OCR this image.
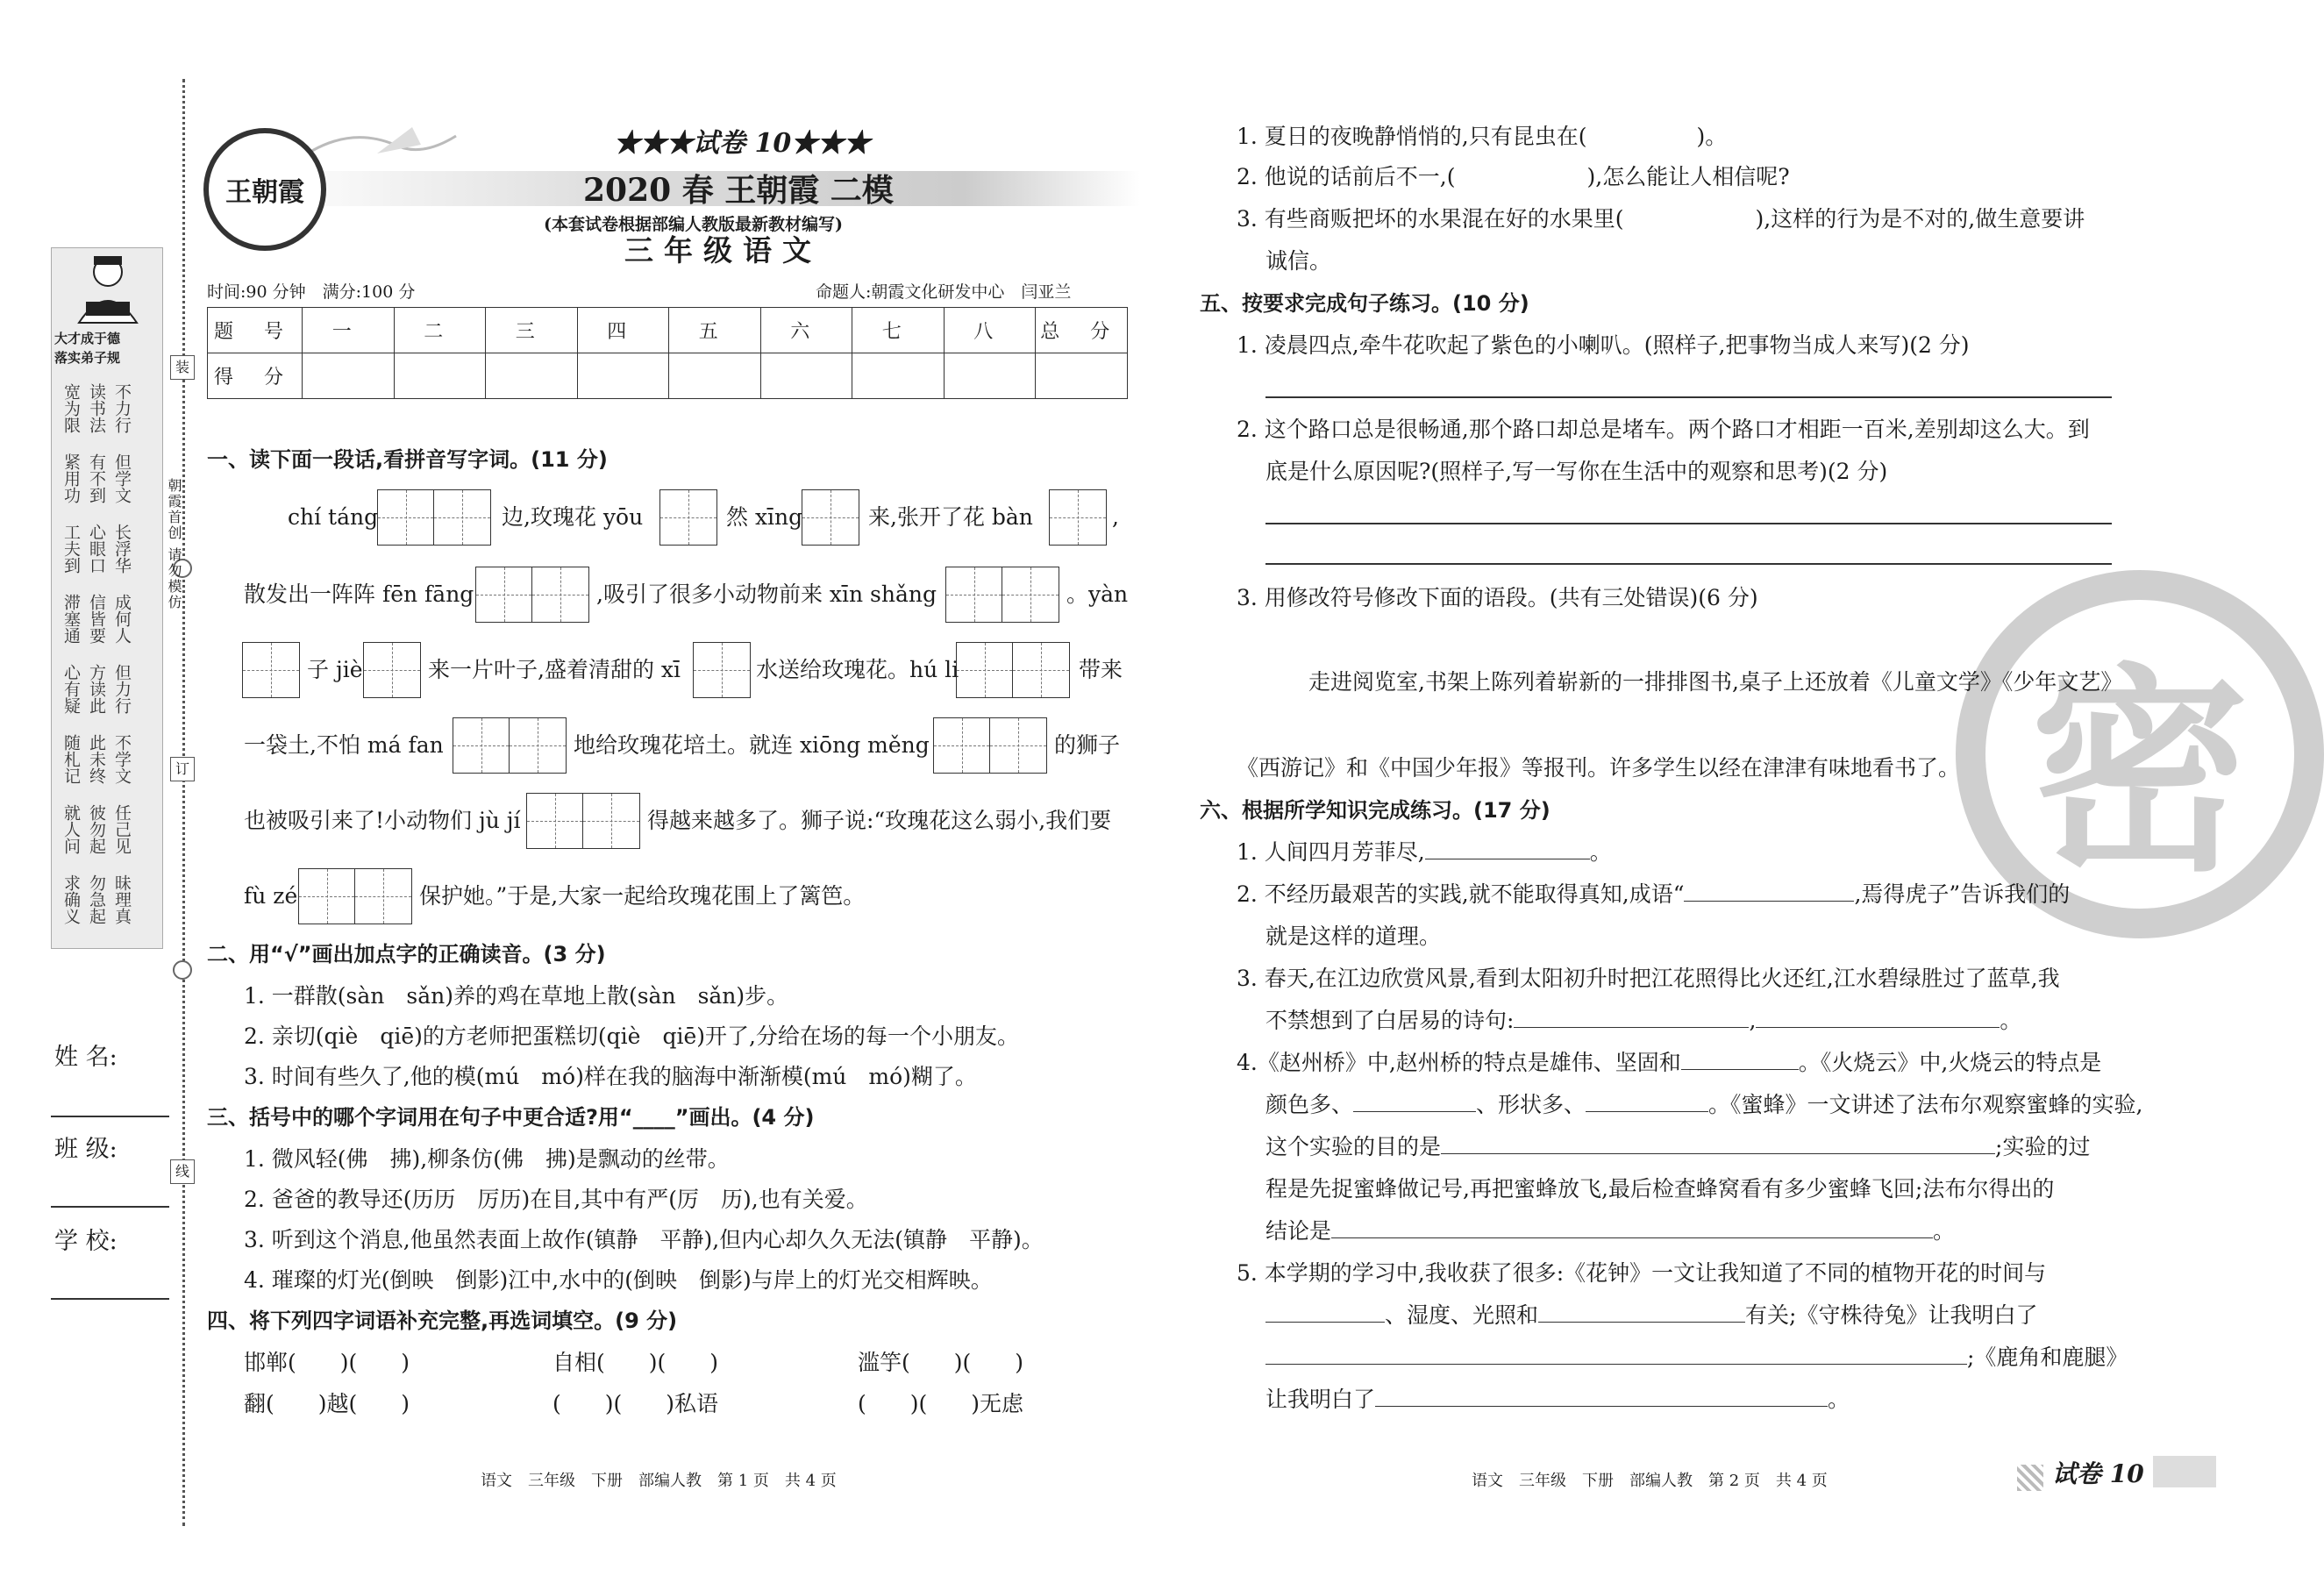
装
订
线
朝霞首创 请勿模仿
大才成于德
落实弟子规
宽为限 读书法 不力行
紧用功 有不到 但学文
工夫到 心眼口 长浮华
滞塞通 信皆要 成何人
心有疑 方读此 但力行
随札记 此未终 不学文
就人问 彼勿起 任己见
求确义 勿急起 昧理真
姓 名:
班 级:
学 校:
王朝霞
★★★试卷 10★★★
2020 春 王朝霞 二模
(本套试卷根据部编人教版最新教材编写)
三年级语文
时间:90 分钟　满分:100 分	命题人:朝霞文化研发中心　闫亚兰
题 号	一	二	三	四	五	六	七	八	总 分
得 分									
一、读下面一段话,看拼音写字词。(11 分)
chí táng	边,玫瑰花 yōu	然 xīng	来,张开了花 bàn	,
散发出一阵阵 fēn fāng	,吸引了很多小动物前来 xīn shǎng	。yàn
子 jiè	来一片叶子,盛着清甜的 xī	水送给玫瑰花。hú li	带来
一袋土,不怕 má fan	地给玫瑰花培土。就连 xiōng měng	的狮子
也被吸引来了!小动物们 jù jí	得越来越多了。狮子说:“玫瑰花这么弱小,我们要
fù zé	保护她。”于是,大家一起给玫瑰花围上了篱笆。
二、用“√”画出加点字的正确读音。(3 分)
1. 一群散(sàn　sǎn)养的鸡在草地上散(sàn　sǎn)步。
2. 亲切(qiè　qiē)的方老师把蛋糕切(qiè　qiē)开了,分给在场的每一个小朋友。
3. 时间有些久了,他的模(mú　mó)样在我的脑海中渐渐模(mú　mó)糊了。
三、括号中的哪个字词用在句子中更合适?用“____”画出。(4 分)
1. 微风轻(佛　拂),柳条仿(佛　拂)是飘动的丝带。
2. 爸爸的教导还(历历　厉历)在目,其中有严(厉　历),也有关爱。
3. 听到这个消息,他虽然表面上故作(镇静　平静),但内心却久久无法(镇静　平静)。
4. 璀璨的灯光(倒映　倒影)江中,水中的(倒映　倒影)与岸上的灯光交相辉映。
四、将下列四字词语补充完整,再选词填空。(9 分)
邯郸(　　)(　　)	自相(　　)(　　)	滥竽(　　)(　　)
翻(　　)越(　　)	(　　)(　　)私语	(　　)(　　)无虑
语文　三年级　下册　部编人教　第 1 页　共 4 页
1. 夏日的夜晚静悄悄的,只有昆虫在(　　　　　)。
2. 他说的话前后不一,(　　　　　　),怎么能让人相信呢?
3. 有些商贩把坏的水果混在好的水果里(　　　　　　),这样的行为是不对的,做生意要讲
诚信。
五、按要求完成句子练习。(10 分)
1. 凌晨四点,牵牛花吹起了紫色的小喇叭。(照样子,把事物当成人来写)(2 分)
2. 这个路口总是很畅通,那个路口却总是堵车。两个路口才相距一百米,差别却这么大。到
底是什么原因呢?(照样子,写一写你在生活中的观察和思考)(2 分)
3. 用修改符号修改下面的语段。(共有三处错误)(6 分)
密
走进阅览室,书架上陈列着崭新的一排排图书,桌子上还放着《儿童文学》《少年文艺》
《西游记》和《中国少年报》等报刊。许多学生以经在津津有味地看书了。
六、根据所学知识完成练习。(17 分)
1. 人间四月芳菲尽,	。
2. 不经历最艰苦的实践,就不能取得真知,成语“	,焉得虎子”告诉我们的
就是这样的道理。
3. 春天,在江边欣赏风景,看到太阳初升时把江花照得比火还红,江水碧绿胜过了蓝草,我
不禁想到了白居易的诗句:	,	。
4.《赵州桥》中,赵州桥的特点是雄伟、坚固和	。《火烧云》中,火烧云的特点是
颜色多、	、形状多、	。《蜜蜂》一文讲述了法布尔观察蜜蜂的实验,
这个实验的目的是	;实验的过
程是先捉蜜蜂做记号,再把蜜蜂放飞,最后检查蜂窝看有多少蜜蜂飞回;法布尔得出的
结论是	。
5. 本学期的学习中,我收获了很多:《花钟》一文让我知道了不同的植物开花的时间与
、湿度、光照和	有关;《守株待兔》让我明白了
;《鹿角和鹿腿》
让我明白了	。
语文　三年级　下册　部编人教　第 2 页　共 4 页	试卷 10
